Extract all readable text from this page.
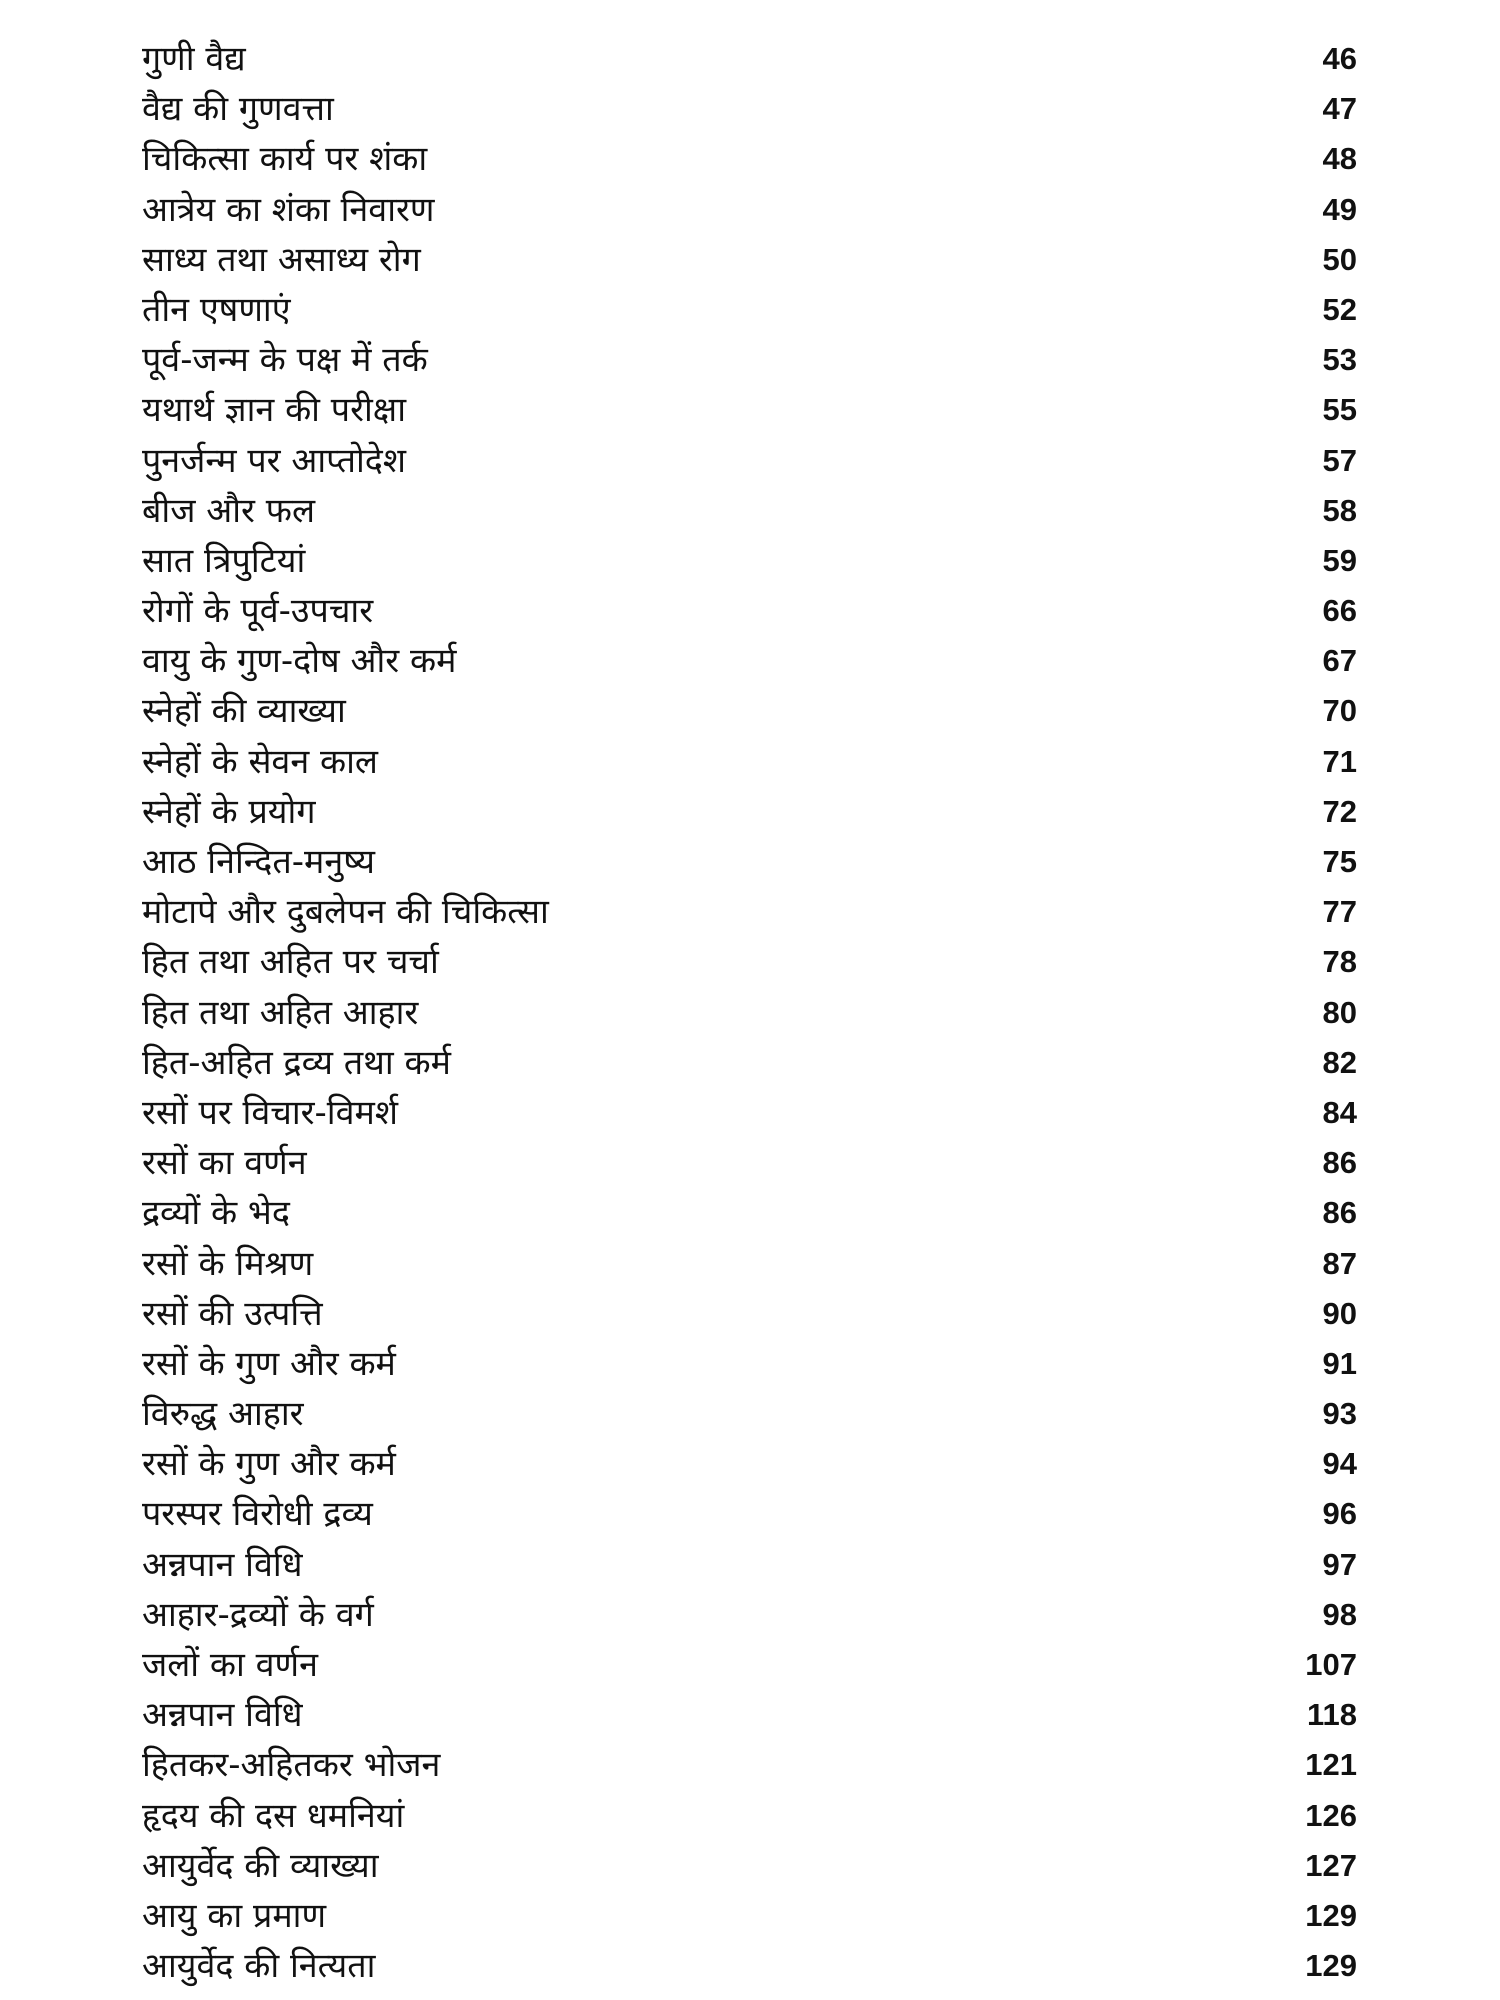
गुणी वैद्य	46
वैद्य की गुणवत्ता	47
चिकित्सा कार्य पर शंका	48
आत्रेय का शंका निवारण	49
साध्य तथा असाध्य रोग	50
तीन एषणाएं	52
पूर्व-जन्म के पक्ष में तर्क	53
यथार्थ ज्ञान की परीक्षा	55
पुनर्जन्म पर आप्तोदेश	57
बीज और फल	58
सात त्रिपुटियां	59
रोगों के पूर्व-उपचार	66
वायु के गुण-दोष और कर्म	67
स्नेहों की व्याख्या	70
स्नेहों के सेवन काल	71
स्नेहों के प्रयोग	72
आठ निन्दित-मनुष्य	75
मोटापे और दुबलेपन की चिकित्सा	77
हित तथा अहित पर चर्चा	78
हित तथा अहित आहार	80
हित-अहित द्रव्य तथा कर्म	82
रसों पर विचार-विमर्श	84
रसों का वर्णन	86
द्रव्यों के भेद	86
रसों के मिश्रण	87
रसों की उत्पत्ति	90
रसों के गुण और कर्म	91
विरुद्ध आहार	93
रसों के गुण और कर्म	94
परस्पर विरोधी द्रव्य	96
अन्नपान विधि	97
आहार-द्रव्यों के वर्ग	98
जलों का वर्णन	107
अन्नपान विधि	118
हितकर-अहितकर भोजन	121
हृदय की दस धमनियां	126
आयुर्वेद की व्याख्या	127
आयु का प्रमाण	129
आयुर्वेद की नित्यता	129
